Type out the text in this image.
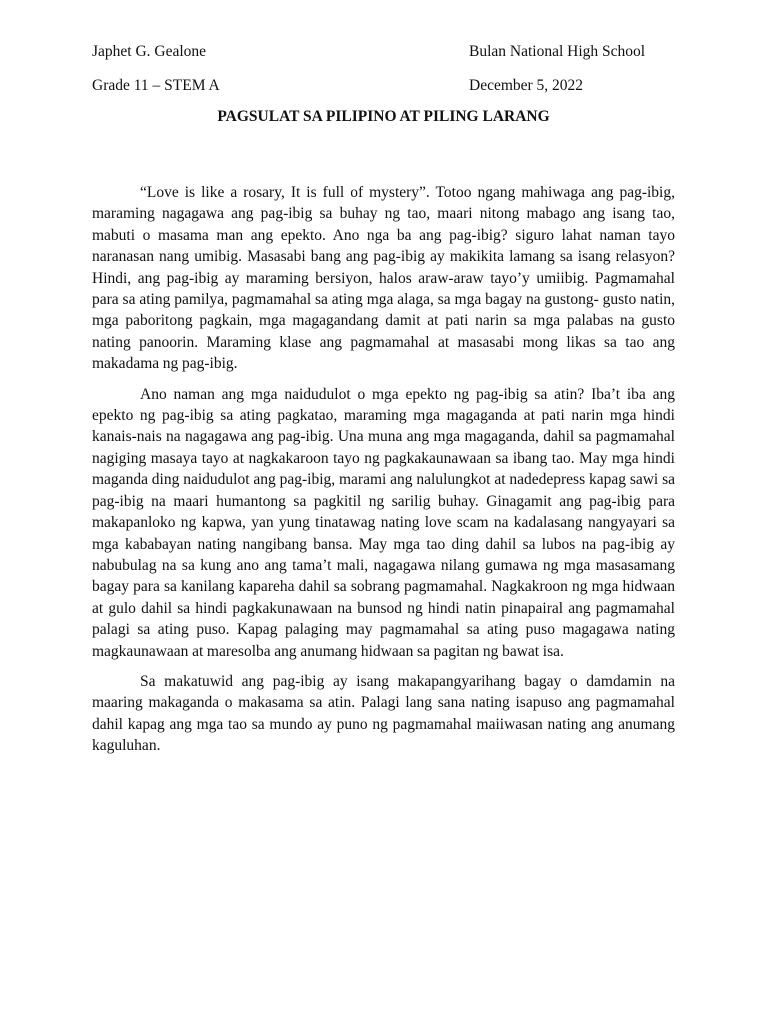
Japhet G. Gealone	Bulan National High School
Grade 11 – STEM A	December 5, 2022
PAGSULAT SA PILIPINO AT PILING LARANG

“Love is like a rosary, It is full of mystery”. Totoo ngang mahiwaga ang pag-ibig, maraming nagagawa ang pag-ibig sa buhay ng tao, maari nitong mabago ang isang tao, mabuti o masama man ang epekto. Ano nga ba ang pag-ibig? siguro lahat naman tayo naranasan nang umibig. Masasabi bang ang pag-ibig ay makikita lamang sa isang relasyon? Hindi, ang pag-ibig ay maraming bersiyon, halos araw-araw tayo’y umiibig. Pagmamahal para sa ating pamilya, pagmamahal sa ating mga alaga, sa mga bagay na gustong- gusto natin, mga paboritong pagkain, mga magagandang damit at pati narin sa mga palabas na gusto nating panoorin. Maraming klase ang pagmamahal at masasabi mong likas sa tao ang makadama ng pag-ibig.

Ano naman ang mga naidudulot o mga epekto ng pag-ibig sa atin? Iba’t iba ang epekto ng pag-ibig sa ating pagkatao, maraming mga magaganda at pati narin mga hindi kanais-nais na nagagawa ang pag-ibig. Una muna ang mga magaganda, dahil sa pagmamahal nagiging masaya tayo at nagkakaroon tayo ng pagkakaunawaan sa ibang tao. May mga hindi maganda ding naidudulot ang pag-ibig, marami ang nalulungkot at nadedepress kapag sawi sa pag-ibig na maari humantong sa pagkitil ng sarilig buhay. Ginagamit ang pag-ibig para makapanloko ng kapwa, yan yung tinatawag nating love scam na kadalasang nangyayari sa mga kababayan nating nangibang bansa. May mga tao ding dahil sa lubos na pag-ibig ay nabubulag na sa kung ano ang tama’t mali, nagagawa nilang gumawa ng mga masasamang bagay para sa kanilang kapareha dahil sa sobrang pagmamahal. Nagkakroon ng mga hidwaan at gulo dahil sa hindi pagkakunawaan na bunsod ng hindi natin pinapairal ang pagmamahal palagi sa ating puso. Kapag palaging may pagmamahal sa ating puso magagawa nating magkaunawaan at maresolba ang anumang hidwaan sa pagitan ng bawat isa.

Sa makatuwid ang pag-ibig ay isang makapangyarihang bagay o damdamin na maaring makaganda o makasama sa atin. Palagi lang sana nating isapuso ang pagmamahal dahil kapag ang mga tao sa mundo ay puno ng pagmamahal maiiwasan nating ang anumang kaguluhan.
